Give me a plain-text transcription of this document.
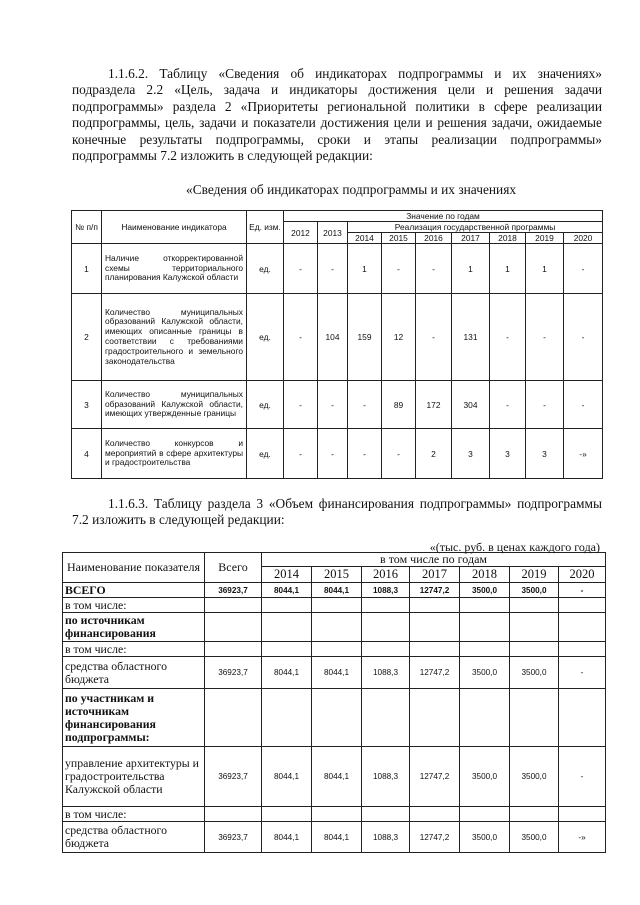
1.1.6.2. Таблицу «Сведения об индикаторах подпрограммы и их значениях» подраздела 2.2 «Цель, задача и индикаторы достижения цели и решения задачи подпрограммы» раздела 2 «Приоритеты региональной политики в сфере реализации подпрограммы, цель, задачи и показатели достижения цели и решения задачи, ожидаемые конечные результаты подпрограммы, сроки и этапы реализации подпрограммы» подпрограммы 7.2 изложить в следующей редакции:

«Сведения об индикаторах подпрограммы и их значениях
№ п/п	Наименование индикатора	Ед. изм.	Значение по годам								
			2012	2013	Реализация государственной программы						
					2014	2015	2016	2017	2018	2019	2020
1	Наличие откорректированной схемы территориального планирования Калужской области	ед.	-	-	1	-	-	1	1	1	-
2	Количество муниципальных образований Калужской области, имеющих описанные границы в соответствии с требованиями градостроительного и земельного законодательства	ед.	-	104	159	12	-	131	-	-	-
3	Количество муниципальных образований Калужской области, имеющих утвержденные границы	ед.	-	-	-	89	172	304	-	-	-
4	Количество конкурсов и мероприятий в сфере архитектуры и градостроительства	ед.	-	-	-	-	2	3	3	3	-»

1.1.6.3. Таблицу раздела 3 «Объем финансирования подпрограммы» подпрограммы 7.2 изложить в следующей редакции:

«(тыс. руб. в ценах каждого года)
Наименование показателя	Всего	в том числе по годам						
		2014	2015	2016	2017	2018	2019	2020
ВСЕГО	36923,7	8044,1	8044,1	1088,3	12747,2	3500,0	3500,0	-
в том числе:								
по источникам финансирования								
в том числе:								
средства областного бюджета	36923,7	8044,1	8044,1	1088,3	12747,2	3500,0	3500,0	-
по участникам и источникам финансирования подпрограммы:								
управление архитектуры и градостроительства Калужской области	36923,7	8044,1	8044,1	1088,3	12747,2	3500,0	3500,0	-
в том числе:								
средства областного бюджета	36923,7	8044,1	8044,1	1088,3	12747,2	3500,0	3500,0	-»
